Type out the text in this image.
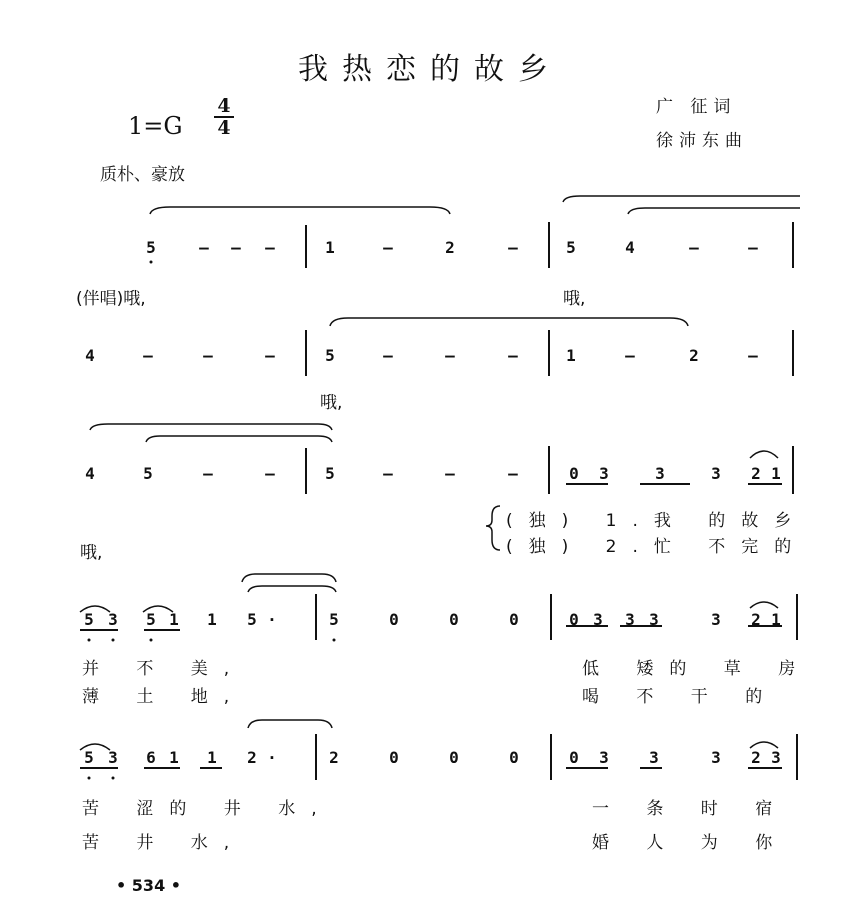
我热恋的故乡
1=G
4
4
广 征词
徐沛东曲
质朴、豪放
5	— — —	1	—	2	—	5	4	—	—
(伴唱)哦,	哦,
4	—	—	—	5	—	—	—	1	—	2	—
哦,
4	5	—	—	5	—	—	—	0 3	3	3 2 1
哦,
(独) 1.我 的故乡
(独) 2.忙 不完的
5 3 5 1 1 5 ·	5	0	0	0	0 3 3 3	3 2 1
并 不 美,
薄 土 地,
低 矮的 草 房
喝 不 干 的
5 3 6 1 1 2 ·	2	0	0	0	0 3	3	3 2 3
苦 涩的 井 水,
苦 井 水,
一 条 时 宿
婚 人 为 你
• 534 •
